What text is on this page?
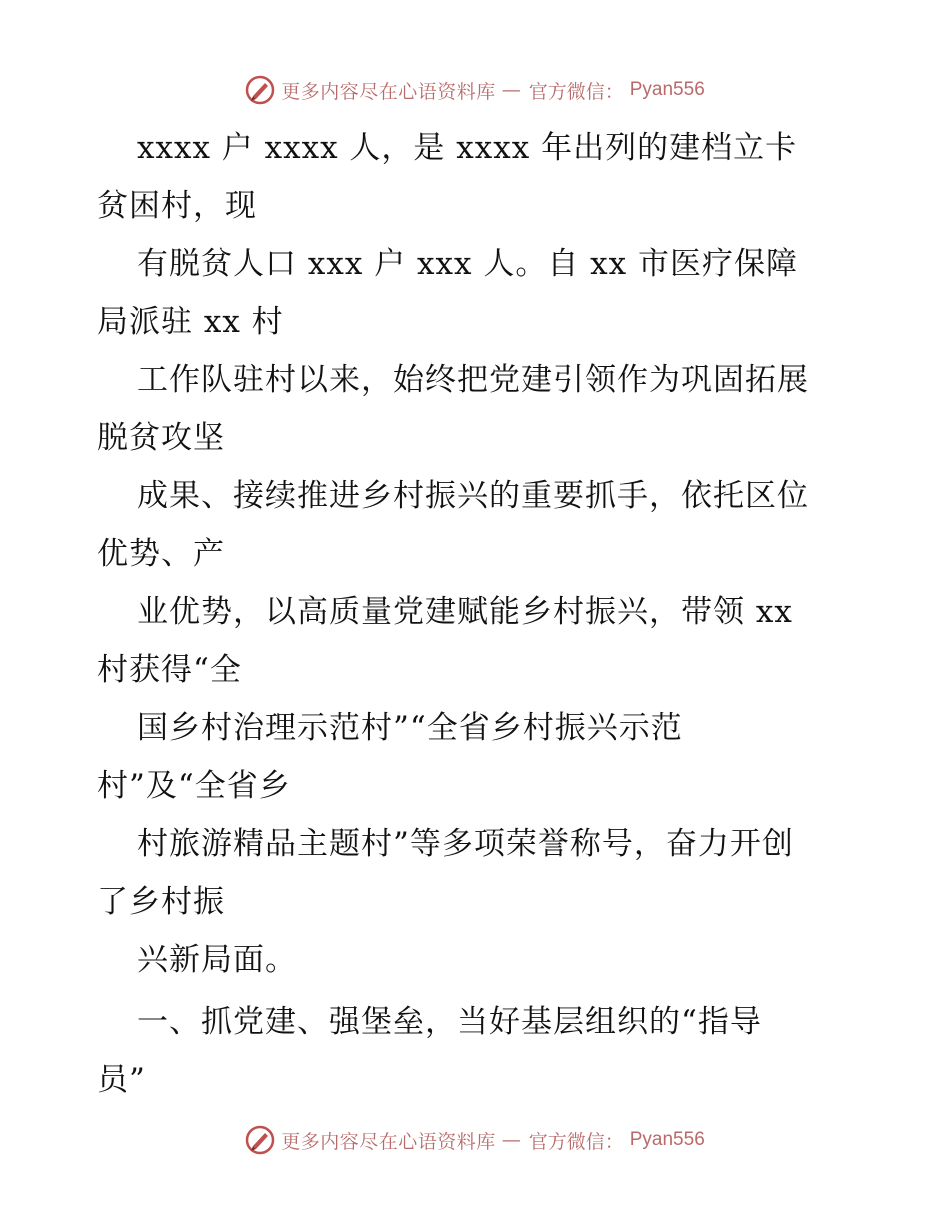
更多内容尽在心语资料库 — 官方微信： Pyan556
xxxx 户 xxxx 人，是 xxxx 年出列的建档立卡
贫困村，现
有脱贫人口 xxx 户 xxx 人。自 xx 市医疗保障
局派驻 xx 村
工作队驻村以来，始终把党建引领作为巩固拓展
脱贫攻坚
成果、接续推进乡村振兴的重要抓手，依托区位
优势、产
业优势，以高质量党建赋能乡村振兴，带领 xx
村获得“全
国乡村治理示范村”“全省乡村振兴示范
村”及“全省乡
村旅游精品主题村”等多项荣誉称号，奋力开创
了乡村振
兴新局面。
一、抓党建、强堡垒，当好基层组织的“指导
员”
更多内容尽在心语资料库 — 官方微信： Pyan556
